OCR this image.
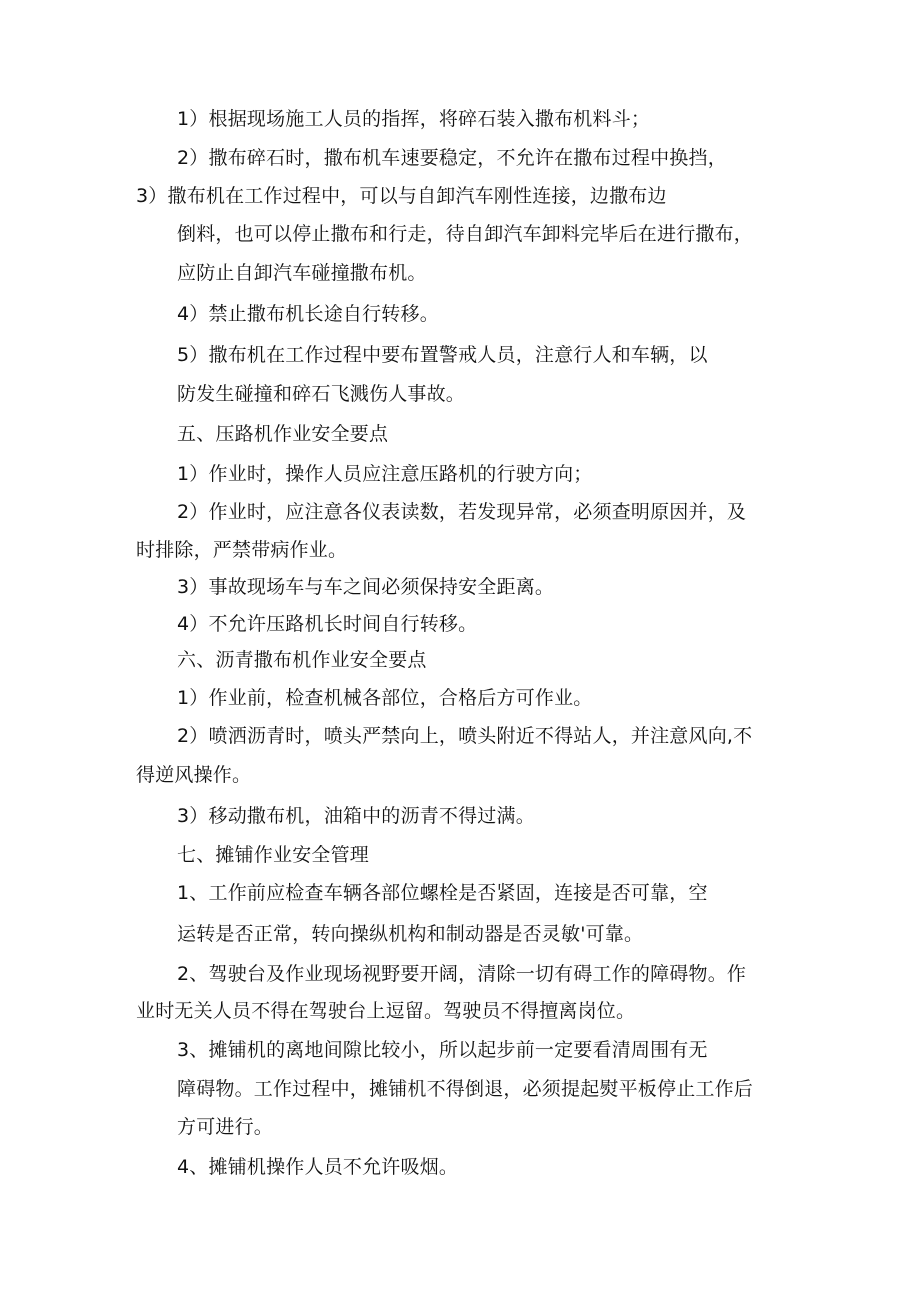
1）根据现场施工人员的指挥，将碎石装入撒布机料斗；
2）撒布碎石时，撒布机车速要稳定，不允许在撒布过程中换挡，
3）撒布机在工作过程中，可以与自卸汽车刚性连接，边撒布边
倒料，也可以停止撒布和行走，待自卸汽车卸料完毕后在进行撒布，
应防止自卸汽车碰撞撒布机。
4）禁止撒布机长途自行转移。
5）撒布机在工作过程中要布置警戒人员，注意行人和车辆，以
防发生碰撞和碎石飞溅伤人事故。
五、压路机作业安全要点
1）作业时，操作人员应注意压路机的行驶方向；
2）作业时，应注意各仪表读数，若发现异常，必须查明原因并，及
时排除，严禁带病作业。
3）事故现场车与车之间必须保持安全距离。
4）不允许压路机长时间自行转移。
六、沥青撒布机作业安全要点
1）作业前，检查机械各部位，合格后方可作业。
2）喷洒沥青时，喷头严禁向上，喷头附近不得站人，并注意风向,不
得逆风操作。
3）移动撒布机，油箱中的沥青不得过满。
七、摊铺作业安全管理
1、工作前应检查车辆各部位螺栓是否紧固，连接是否可靠，空
运转是否正常，转向操纵机构和制动器是否灵敏'可靠。
2、驾驶台及作业现场视野要开阔，清除一切有碍工作的障碍物。作
业时无关人员不得在驾驶台上逗留。驾驶员不得擅离岗位。
3、摊铺机的离地间隙比较小，所以起步前一定要看清周围有无
障碍物。工作过程中，摊铺机不得倒退，必须提起熨平板停止工作后
方可进行。
4、摊铺机操作人员不允许吸烟。
